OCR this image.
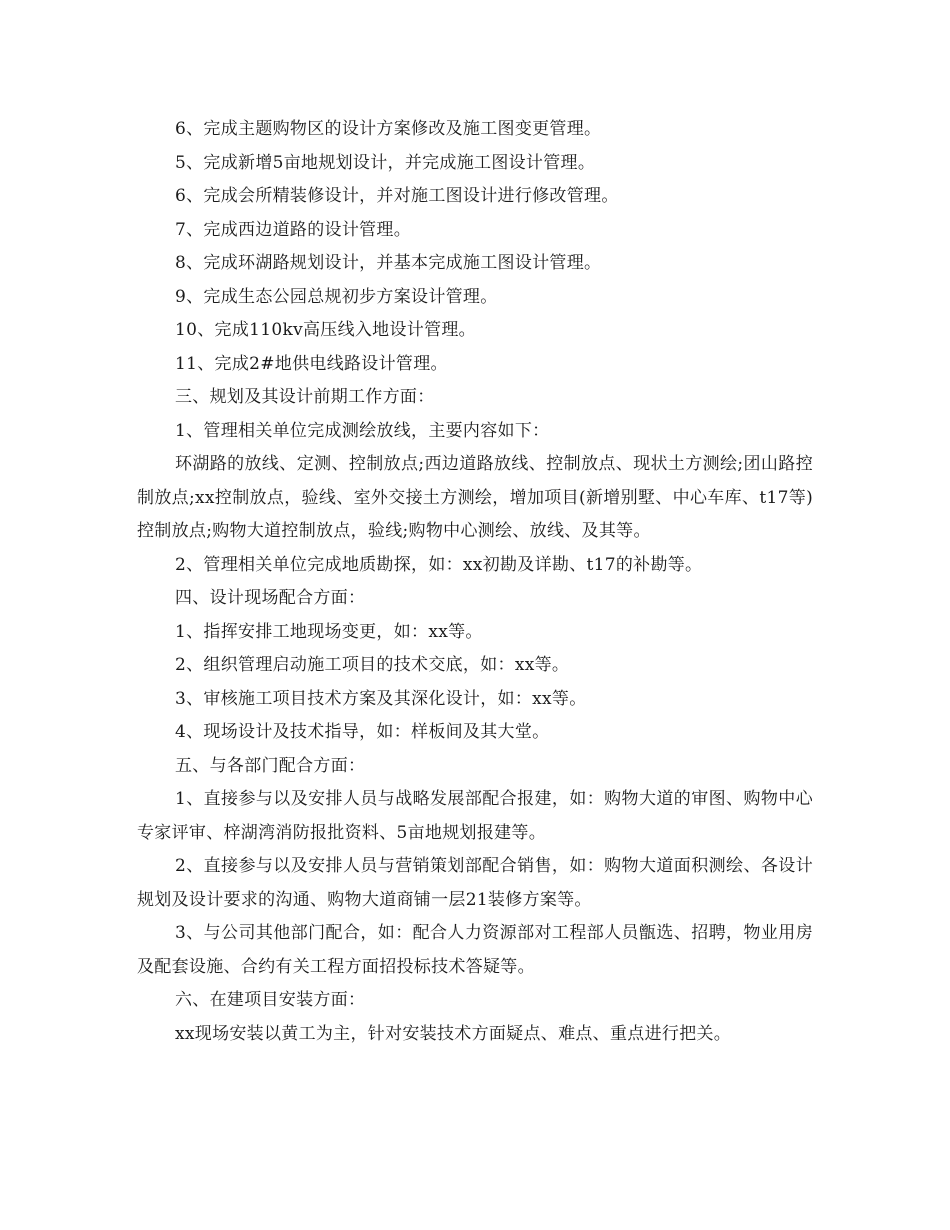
6、完成主题购物区的设计方案修改及施工图变更管理。

5、完成新增5亩地规划设计，并完成施工图设计管理。

6、完成会所精装修设计，并对施工图设计进行修改管理。

7、完成西边道路的设计管理。

8、完成环湖路规划设计，并基本完成施工图设计管理。

9、完成生态公园总规初步方案设计管理。

10、完成110kv高压线入地设计管理。

11、完成2#地供电线路设计管理。

三、规划及其设计前期工作方面：

1、管理相关单位完成测绘放线，主要内容如下：

环湖路的放线、定测、控制放点;西边道路放线、控制放点、现状土方测绘;团山路控制放点;xx控制放点，验线、室外交接土方测绘，增加项目(新增别墅、中心车库、t17等)控制放点;购物大道控制放点，验线;购物中心测绘、放线、及其等。

2、管理相关单位完成地质勘探，如：xx初勘及详勘、t17的补勘等。

四、设计现场配合方面：

1、指挥安排工地现场变更，如：xx等。

2、组织管理启动施工项目的技术交底，如：xx等。

3、审核施工项目技术方案及其深化设计，如：xx等。

4、现场设计及技术指导，如：样板间及其大堂。

五、与各部门配合方面：

1、直接参与以及安排人员与战略发展部配合报建，如：购物大道的审图、购物中心专家评审、梓湖湾消防报批资料、5亩地规划报建等。

2、直接参与以及安排人员与营销策划部配合销售，如：购物大道面积测绘、各设计规划及设计要求的沟通、购物大道商铺一层21装修方案等。

3、与公司其他部门配合，如：配合人力资源部对工程部人员甑选、招聘，物业用房及配套设施、合约有关工程方面招投标技术答疑等。

六、在建项目安装方面：

xx现场安装以黄工为主，针对安装技术方面疑点、难点、重点进行把关。
